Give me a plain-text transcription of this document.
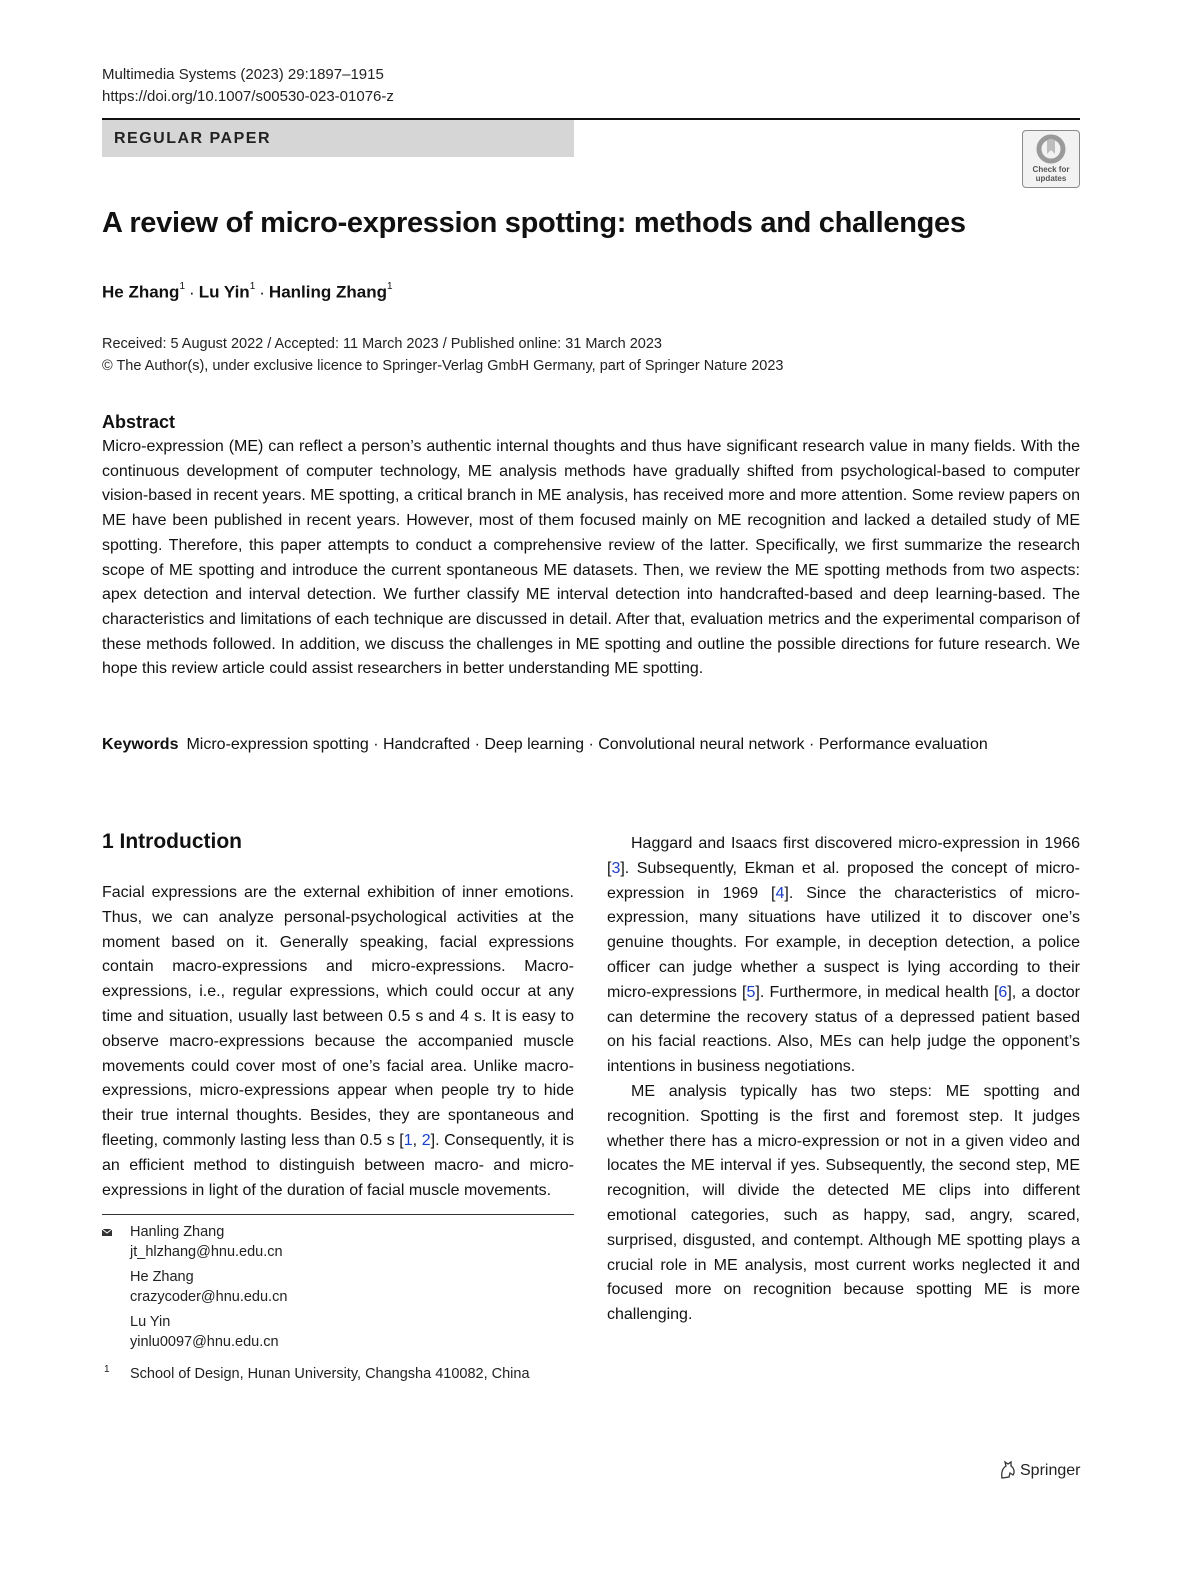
Multimedia Systems (2023) 29:1897–1915
https://doi.org/10.1007/s00530-023-01076-z
REGULAR PAPER
Check for updates
A review of micro-expression spotting: methods and challenges
He Zhang$^1$ · Lu Yin$^1$ · Hanling Zhang$^1$
Received: 5 August 2022 / Accepted: 11 March 2023 / Published online: 31 March 2023
© The Author(s), under exclusive licence to Springer-Verlag GmbH Germany, part of Springer Nature 2023
Abstract
Micro-expression (ME) can reflect a person’s authentic internal thoughts and thus have significant research value in many fields. With the continuous development of computer technology, ME analysis methods have gradually shifted from psychological-based to computer vision-based in recent years. ME spotting, a critical branch in ME analysis, has received more and more attention. Some review papers on ME have been published in recent years. However, most of them focused mainly on ME recognition and lacked a detailed study of ME spotting. Therefore, this paper attempts to conduct a comprehensive review of the latter. Specifically, we first summarize the research scope of ME spotting and introduce the current spontaneous ME datasets. Then, we review the ME spotting methods from two aspects: apex detection and interval detection. We further classify ME interval detection into handcrafted-based and deep learning-based. The characteristics and limitations of each technique are discussed in detail. After that, evaluation metrics and the experimental comparison of these methods followed. In addition, we discuss the challenges in ME spotting and outline the possible directions for future research. We hope this review article could assist researchers in better understanding ME spotting.
Keywords Micro-expression spotting · Handcrafted · Deep learning · Convolutional neural network · Performance evaluation
1 Introduction

Facial expressions are the external exhibition of inner emotions. Thus, we can analyze personal-psychological activities at the moment based on it. Generally speaking, facial expressions contain macro-expressions and micro-expressions. Macro-expressions, i.e., regular expressions, which could occur at any time and situation, usually last between 0.5 s and 4 s. It is easy to observe macro-expressions because the accompanied muscle movements could cover most of one’s facial area. Unlike macro-expressions, micro-expressions appear when people try to hide their true internal thoughts. Besides, they are spontaneous and fleeting, commonly lasting less than 0.5 s [1, 2]. Consequently, it is an efficient method to distinguish between macro- and micro-expressions in light of the duration of facial muscle movements.

Haggard and Isaacs first discovered micro-expression in 1966 [3]. Subsequently, Ekman et al. proposed the concept of micro-expression in 1969 [4]. Since the characteristics of micro-expression, many situations have utilized it to discover one’s genuine thoughts. For example, in deception detection, a police officer can judge whether a suspect is lying according to their micro-expressions [5]. Furthermore, in medical health [6], a doctor can determine the recovery status of a depressed patient based on his facial reactions. Also, MEs can help judge the opponent’s intentions in business negotiations.

ME analysis typically has two steps: ME spotting and recognition. Spotting is the first and foremost step. It judges whether there has a micro-expression or not in a given video and locates the ME interval if yes. Subsequently, the second step, ME recognition, will divide the detected ME clips into different emotional categories, such as happy, sad, angry, scared, surprised, disgusted, and contempt. Although ME spotting plays a crucial role in ME analysis, most current works neglected it and focused more on recognition because spotting ME is more challenging.

Hanling Zhang
jt_hlzhang@hnu.edu.cn
He Zhang
crazycoder@hnu.edu.cn
Lu Yin
yinlu0097@hnu.edu.cn
1 School of Design, Hunan University, Changsha 410082, China
Springer
